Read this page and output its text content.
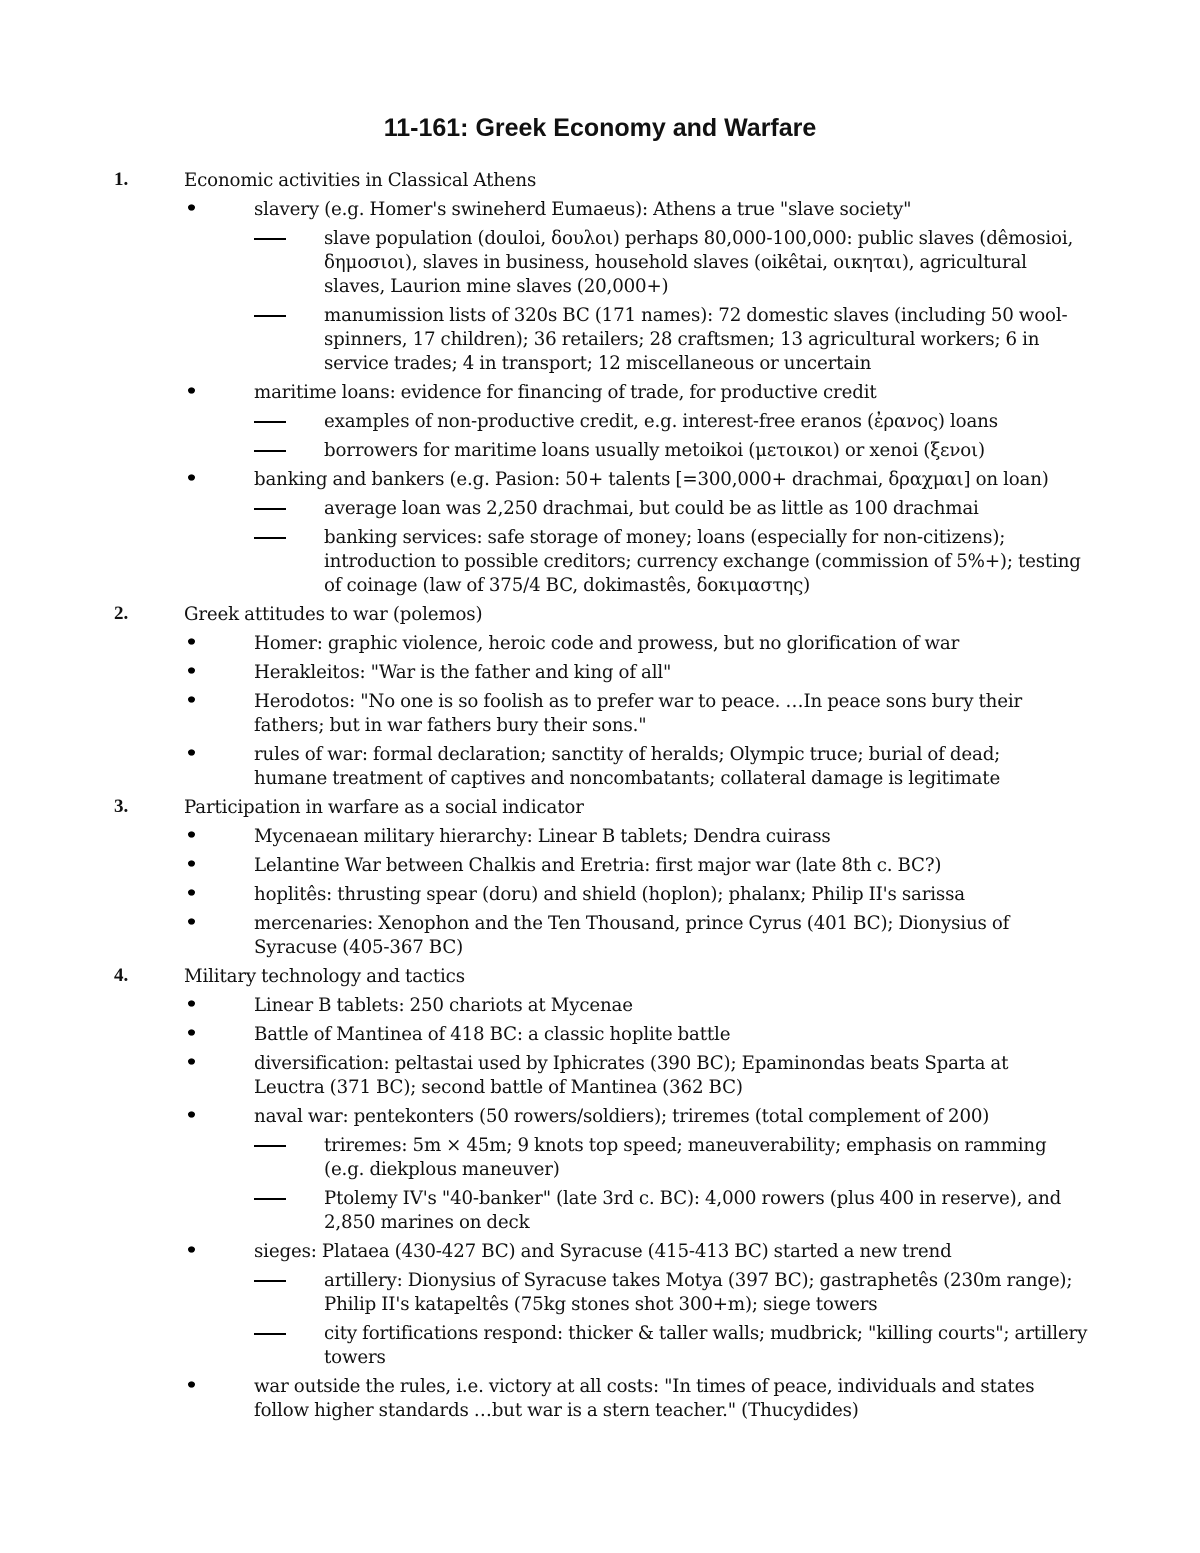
11-161: Greek Economy and Warfare
1.	Economic activities in Classical Athens
slavery (e.g. Homer's swineherd Eumaeus): Athens a true "slave society"
slave population (douloi, δουλοι) perhaps 80,000-100,000: public slaves (dêmosioi, δημοσιοι), slaves in business, household slaves (oikêtai, οικηται), agricultural slaves, Laurion mine slaves (20,000+)
manumission lists of 320s BC (171 names): 72 domestic slaves (including 50 wool-spinners, 17 children); 36 retailers; 28 craftsmen; 13 agricultural workers; 6 in service trades; 4 in transport; 12 miscellaneous or uncertain
maritime loans: evidence for financing of trade, for productive credit
examples of non-productive credit, e.g. interest-free eranos (ἐρανος) loans
borrowers for maritime loans usually metoikoi (μετοικοι) or xenoi (ξενοι)
banking and bankers (e.g. Pasion: 50+ talents [=300,000+ drachmai, δραχμαι] on loan)
average loan was 2,250 drachmai, but could be as little as 100 drachmai
banking services: safe storage of money; loans (especially for non-citizens); introduction to possible creditors; currency exchange (commission of 5%+); testing of coinage (law of 375/4 BC, dokimastês, δοκιμαστης)
2.	Greek attitudes to war (polemos)
Homer: graphic violence, heroic code and prowess, but no glorification of war
Herakleitos: "War is the father and king of all"
Herodotos: "No one is so foolish as to prefer war to peace. …In peace sons bury their fathers; but in war fathers bury their sons."
rules of war: formal declaration; sanctity of heralds; Olympic truce; burial of dead; humane treatment of captives and noncombatants; collateral damage is legitimate
3.	Participation in warfare as a social indicator
Mycenaean military hierarchy: Linear B tablets; Dendra cuirass
Lelantine War between Chalkis and Eretria: first major war (late 8th c. BC?)
hoplitês: thrusting spear (doru) and shield (hoplon); phalanx; Philip II's sarissa
mercenaries: Xenophon and the Ten Thousand, prince Cyrus (401 BC); Dionysius of Syracuse (405-367 BC)
4.	Military technology and tactics
Linear B tablets: 250 chariots at Mycenae
Battle of Mantinea of 418 BC: a classic hoplite battle
diversification: peltastai used by Iphicrates (390 BC); Epaminondas beats Sparta at Leuctra (371 BC); second battle of Mantinea (362 BC)
naval war: pentekonters (50 rowers/soldiers); triremes (total complement of 200)
triremes: 5m × 45m; 9 knots top speed; maneuverability; emphasis on ramming (e.g. diekplous maneuver)
Ptolemy IV's "40-banker" (late 3rd c. BC): 4,000 rowers (plus 400 in reserve), and 2,850 marines on deck
sieges: Plataea (430-427 BC) and Syracuse (415-413 BC) started a new trend
artillery: Dionysius of Syracuse takes Motya (397 BC); gastraphetês (230m range); Philip II's katapeltês (75kg stones shot 300+m); siege towers
city fortifications respond: thicker & taller walls; mudbrick; "killing courts"; artillery towers
war outside the rules, i.e. victory at all costs: "In times of peace, individuals and states follow higher standards …but war is a stern teacher." (Thucydides)
